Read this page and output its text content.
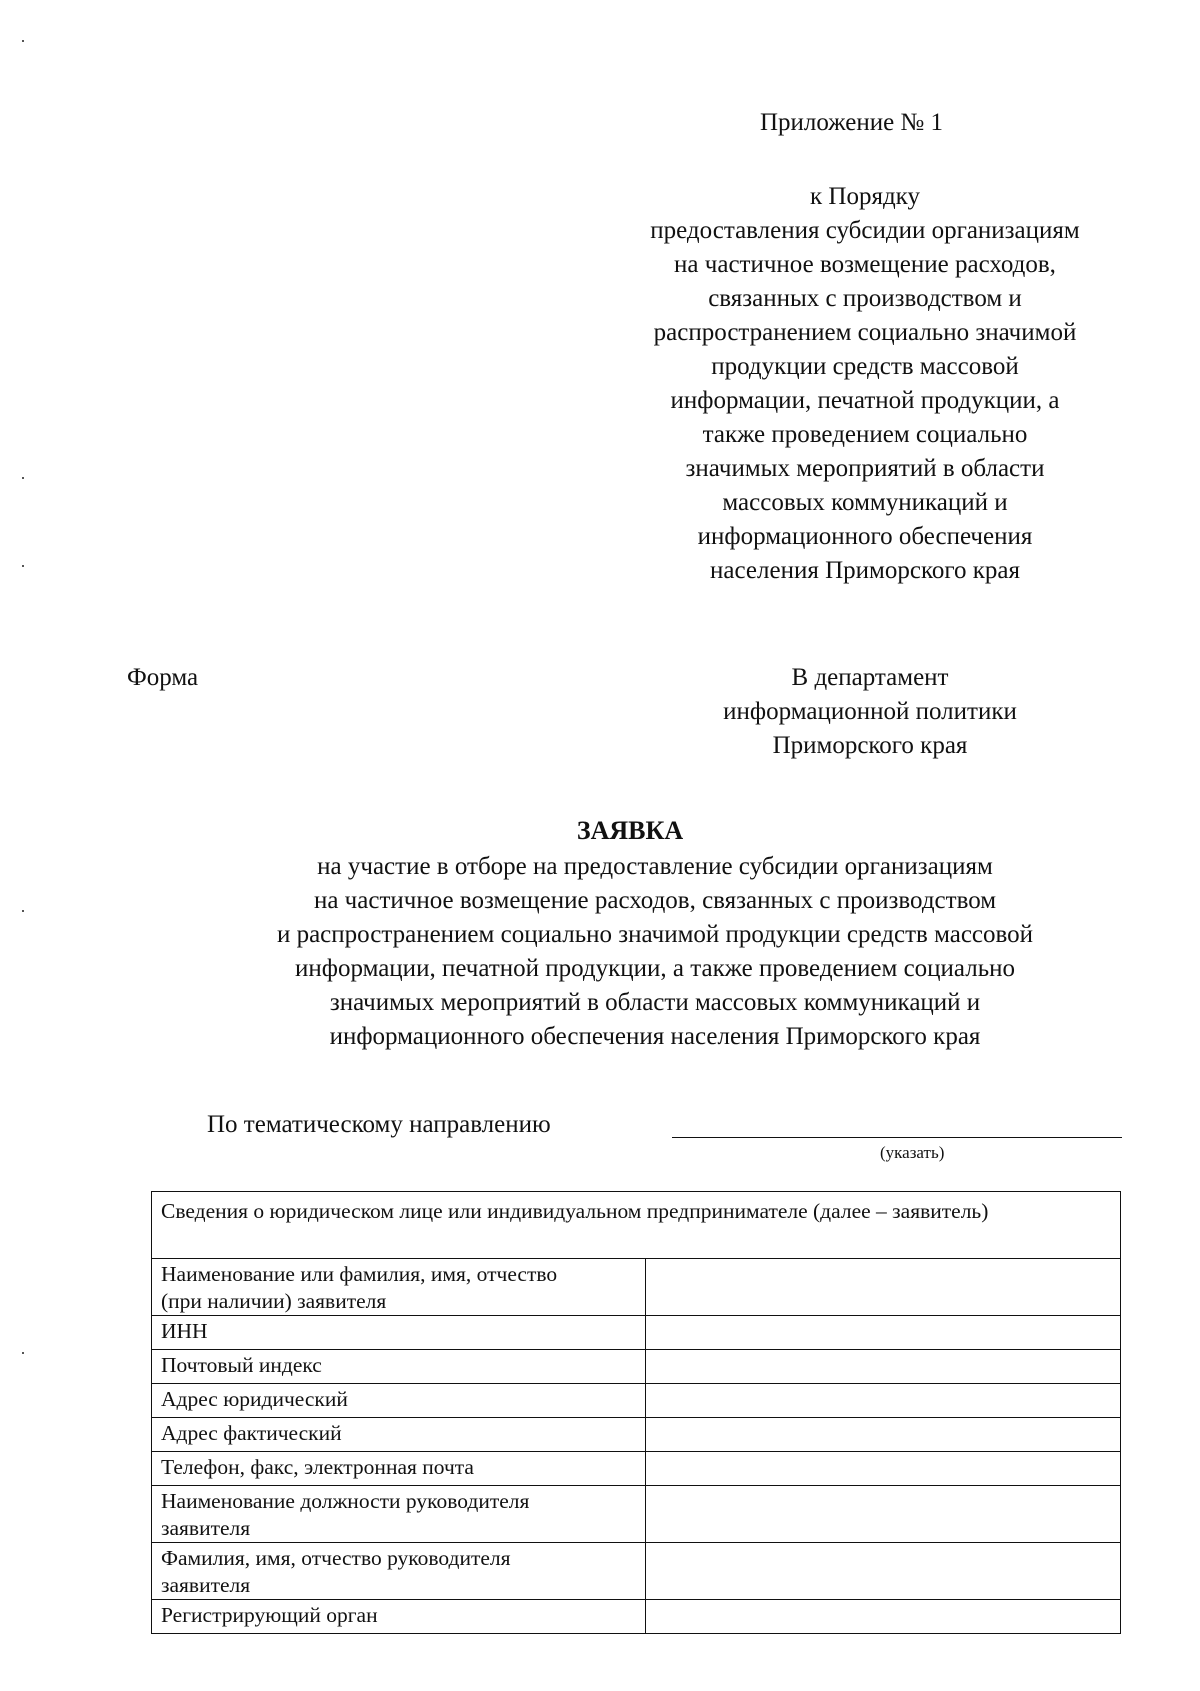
Приложение № 1
к Порядку
предоставления субсидии организациям
на частичное возмещение расходов,
связанных с производством и
распространением социально значимой
продукции средств массовой
информации, печатной продукции, а
также проведением социально
значимых мероприятий в области
массовых коммуникаций и
информационного обеспечения
населения Приморского края
Форма	В департамент
информационной политики
Приморского края
ЗАЯВКА
на участие в отборе на предоставление субсидии организациям
на частичное возмещение расходов, связанных с производством
и распространением социально значимой продукции средств массовой
информации, печатной продукции, а также проведением социально
значимых мероприятий в области массовых коммуникаций и
информационного обеспечения населения Приморского края
По тематическому направлению
(указать)
Сведения о юридическом лице или индивидуальном предпринимателе (далее – заявитель)	

Наименование или фамилия, имя, отчество
(при наличии) заявителя	

ИНН	

Почтовый индекс	

Адрес юридический	

Адрес фактический	

Телефон, факс, электронная почта	

Наименование должности руководителя
заявителя	

Фамилия, имя, отчество руководителя
заявителя	

Регистрирующий орган	
